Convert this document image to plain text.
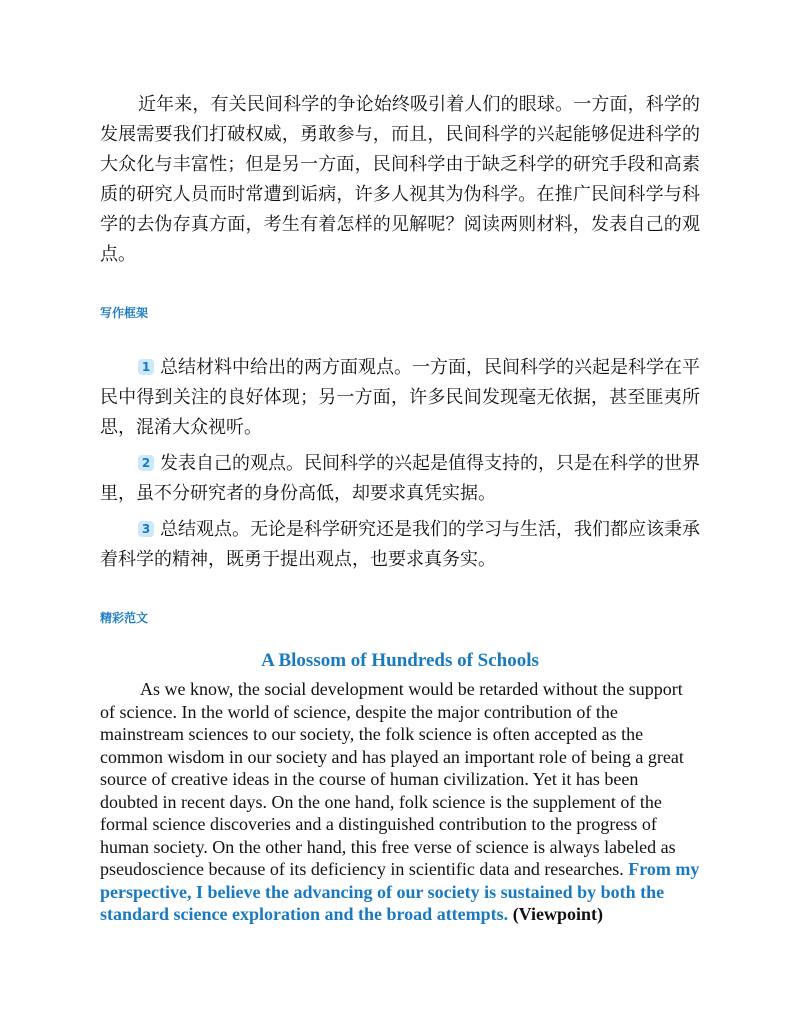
近年来，有关民间科学的争论始终吸引着人们的眼球。一方面，科学的发展需要我们打破权威，勇敢参与，而且，民间科学的兴起能够促进科学的大众化与丰富性；但是另一方面，民间科学由于缺乏科学的研究手段和高素质的研究人员而时常遭到诟病，许多人视其为伪科学。在推广民间科学与科学的去伪存真方面，考生有着怎样的见解呢？阅读两则材料，发表自己的观点。

写作框架

1 总结材料中给出的两方面观点。一方面，民间科学的兴起是科学在平民中得到关注的良好体现；另一方面，许多民间发现毫无依据，甚至匪夷所思，混淆大众视听。

2 发表自己的观点。民间科学的兴起是值得支持的，只是在科学的世界里，虽不分研究者的身份高低，却要求真凭实据。

3 总结观点。无论是科学研究还是我们的学习与生活，我们都应该秉承着科学的精神，既勇于提出观点，也要求真务实。

精彩范文
A Blossom of Hundreds of Schools

As we know, the social development would be retarded without the support of science. In the world of science, despite the major contribution of the mainstream sciences to our society, the folk science is often accepted as the common wisdom in our society and has played an important role of being a great source of creative ideas in the course of human civilization. Yet it has been doubted in recent days. On the one hand, folk science is the supplement of the formal science discoveries and a distinguished contribution to the progress of human society. On the other hand, this free verse of science is always labeled as pseudoscience because of its deficiency in scientific data and researches. From my perspective, I believe the advancing of our society is sustained by both the standard science exploration and the broad attempts. (Viewpoint)
